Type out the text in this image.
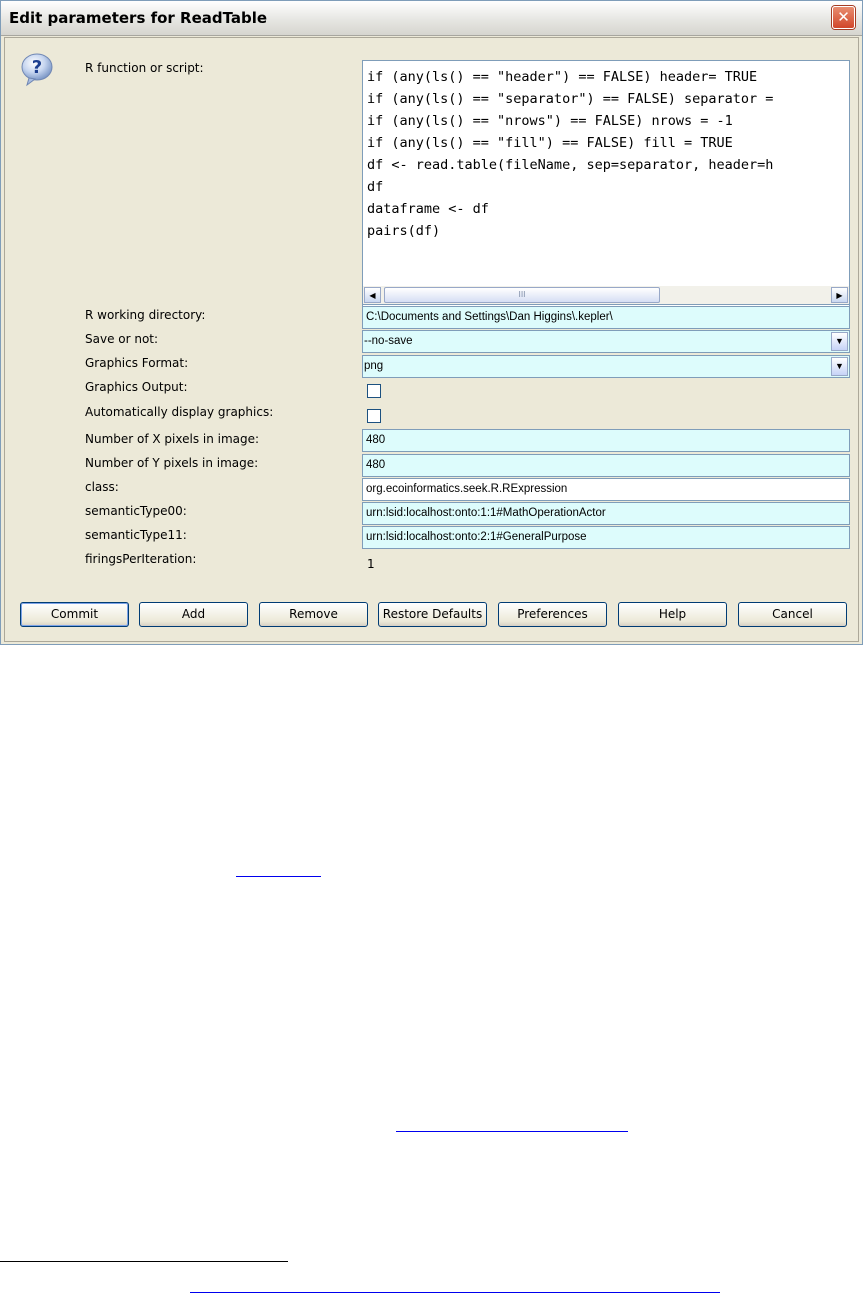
Edit parameters for ReadTable	✕
?	R function or script:
if (any(ls() == "header") == FALSE) header= TRUE
if (any(ls() == "separator") == FALSE) separator =
if (any(ls() == "nrows") == FALSE) nrows = -1
if (any(ls() == "fill") == FALSE) fill = TRUE
df <- read.table(fileName, sep=separator, header=h
df
dataframe <- df
pairs(df)
◀	III	▶
R working directory:	C:\Documents and Settings\Dan Higgins\.kepler\
Save or not:	--no-save	▼
Graphics Format:	png	▼
Graphics Output:
Automatically display graphics:
Number of X pixels in image:	480
Number of Y pixels in image:	480
class:	org.ecoinformatics.seek.R.RExpression
semanticType00:	urn:lsid:localhost:onto:1:1#MathOperationActor
semanticType11:	urn:lsid:localhost:onto:2:1#GeneralPurpose
firingsPerIteration:	1
Commit	Add	Remove	Restore Defaults	Preferences	Help	Cancel
